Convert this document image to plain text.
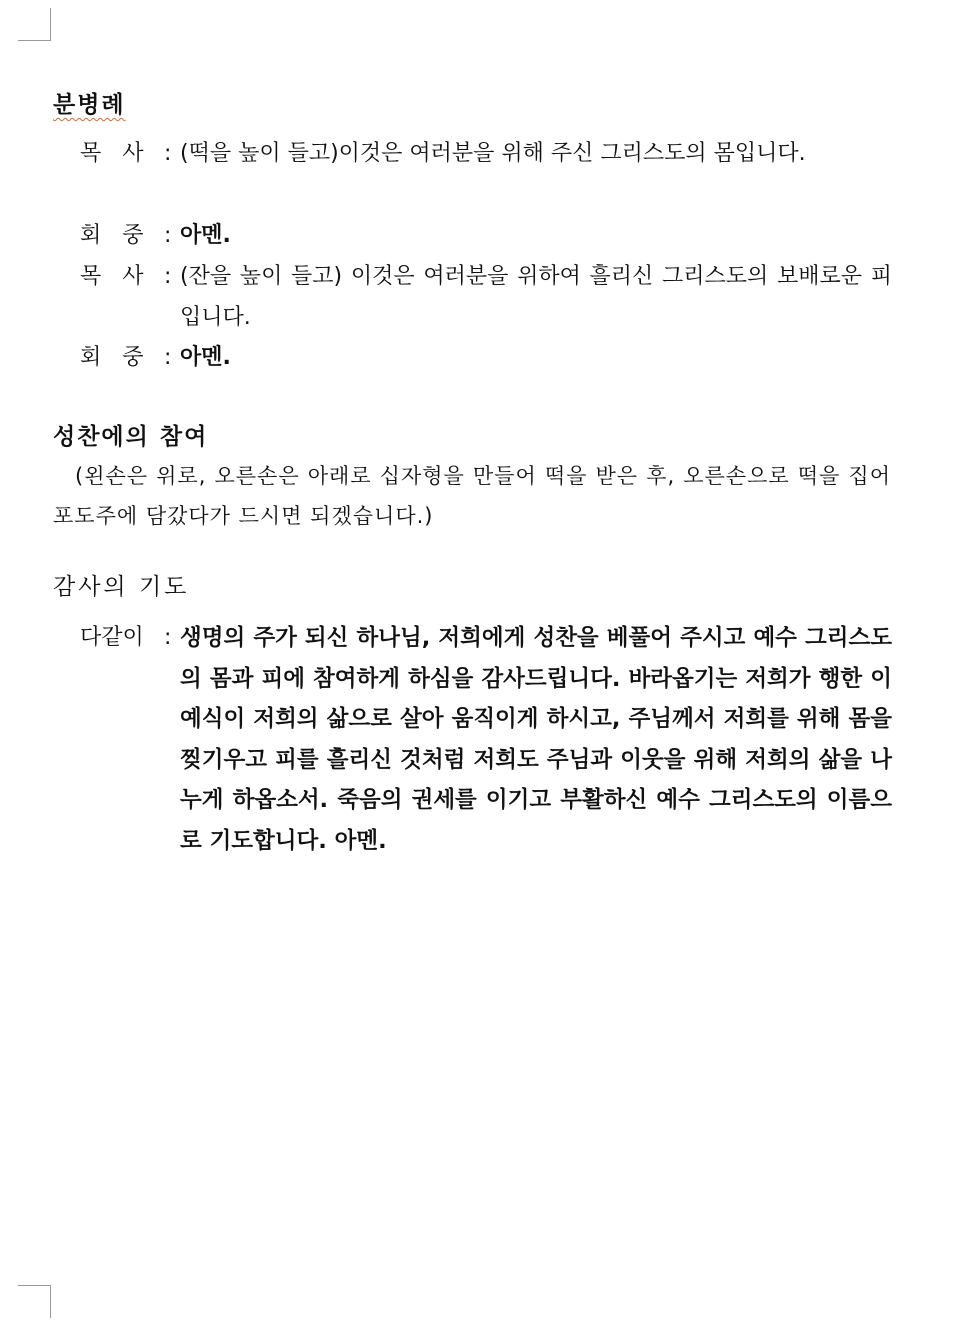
분병례
목   사 : (떡을 높이 들고)이것은 여러분을 위해 주신 그리스도의 몸입니다.
회   중 : 아멘.
목   사 : (잔을 높이 들고) 이것은 여러분을 위하여 흘리신 그리스도의 보배로운 피입니다.
회   중 : 아멘.
성찬에의 참여
(왼손은 위로, 오른손은 아래로 십자형을 만들어 떡을 받은 후, 오른손으로 떡을 집어 포도주에 담갔다가 드시면 되겠습니다.)
감사의 기도
다같이 : 생명의 주가 되신 하나님, 저희에게 성찬을 베풀어 주시고 예수 그리스도의 몸과 피에 참여하게 하심을 감사드립니다. 바라옵기는 저희가 행한 이 예식이 저희의 삶으로 살아 움직이게 하시고, 주님께서 저희를 위해 몸을 찢기우고 피를 흘리신 것처럼 저희도 주님과 이웃을 위해 저희의 삶을 나누게 하옵소서. 죽음의 권세를 이기고 부활하신 예수 그리스도의 이름으로 기도합니다. 아멘.
